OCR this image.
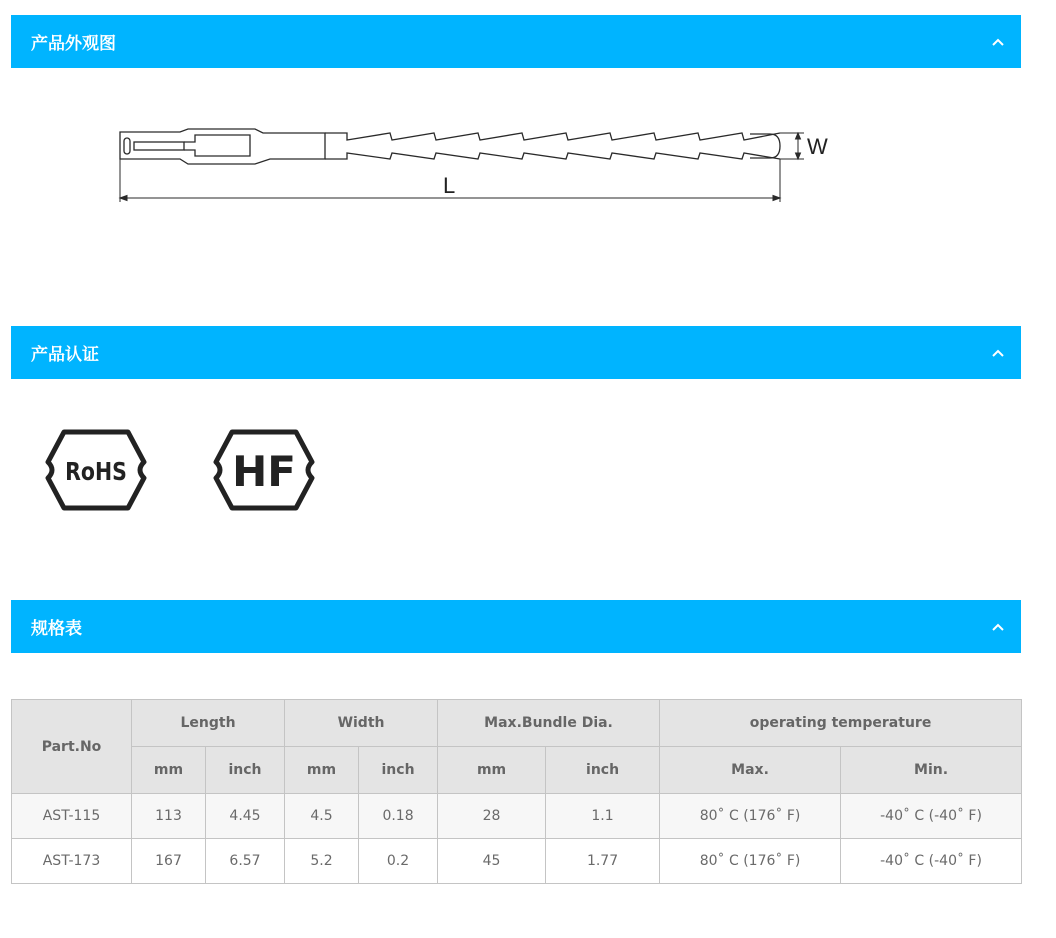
产品外观图
W
L
产品认证
RoHS	HF
规格表
Part.No	Length		Width		Max.Bundle Dia.		operating temperature	
	mm	inch	mm	inch	mm	inch	Max.	Min.
AST-115	113	4.45	4.5	0.18	28	1.1	80˚ C (176˚ F)	-40˚ C (-40˚ F)
AST-173	167	6.57	5.2	0.2	45	1.77	80˚ C (176˚ F)	-40˚ C (-40˚ F)
